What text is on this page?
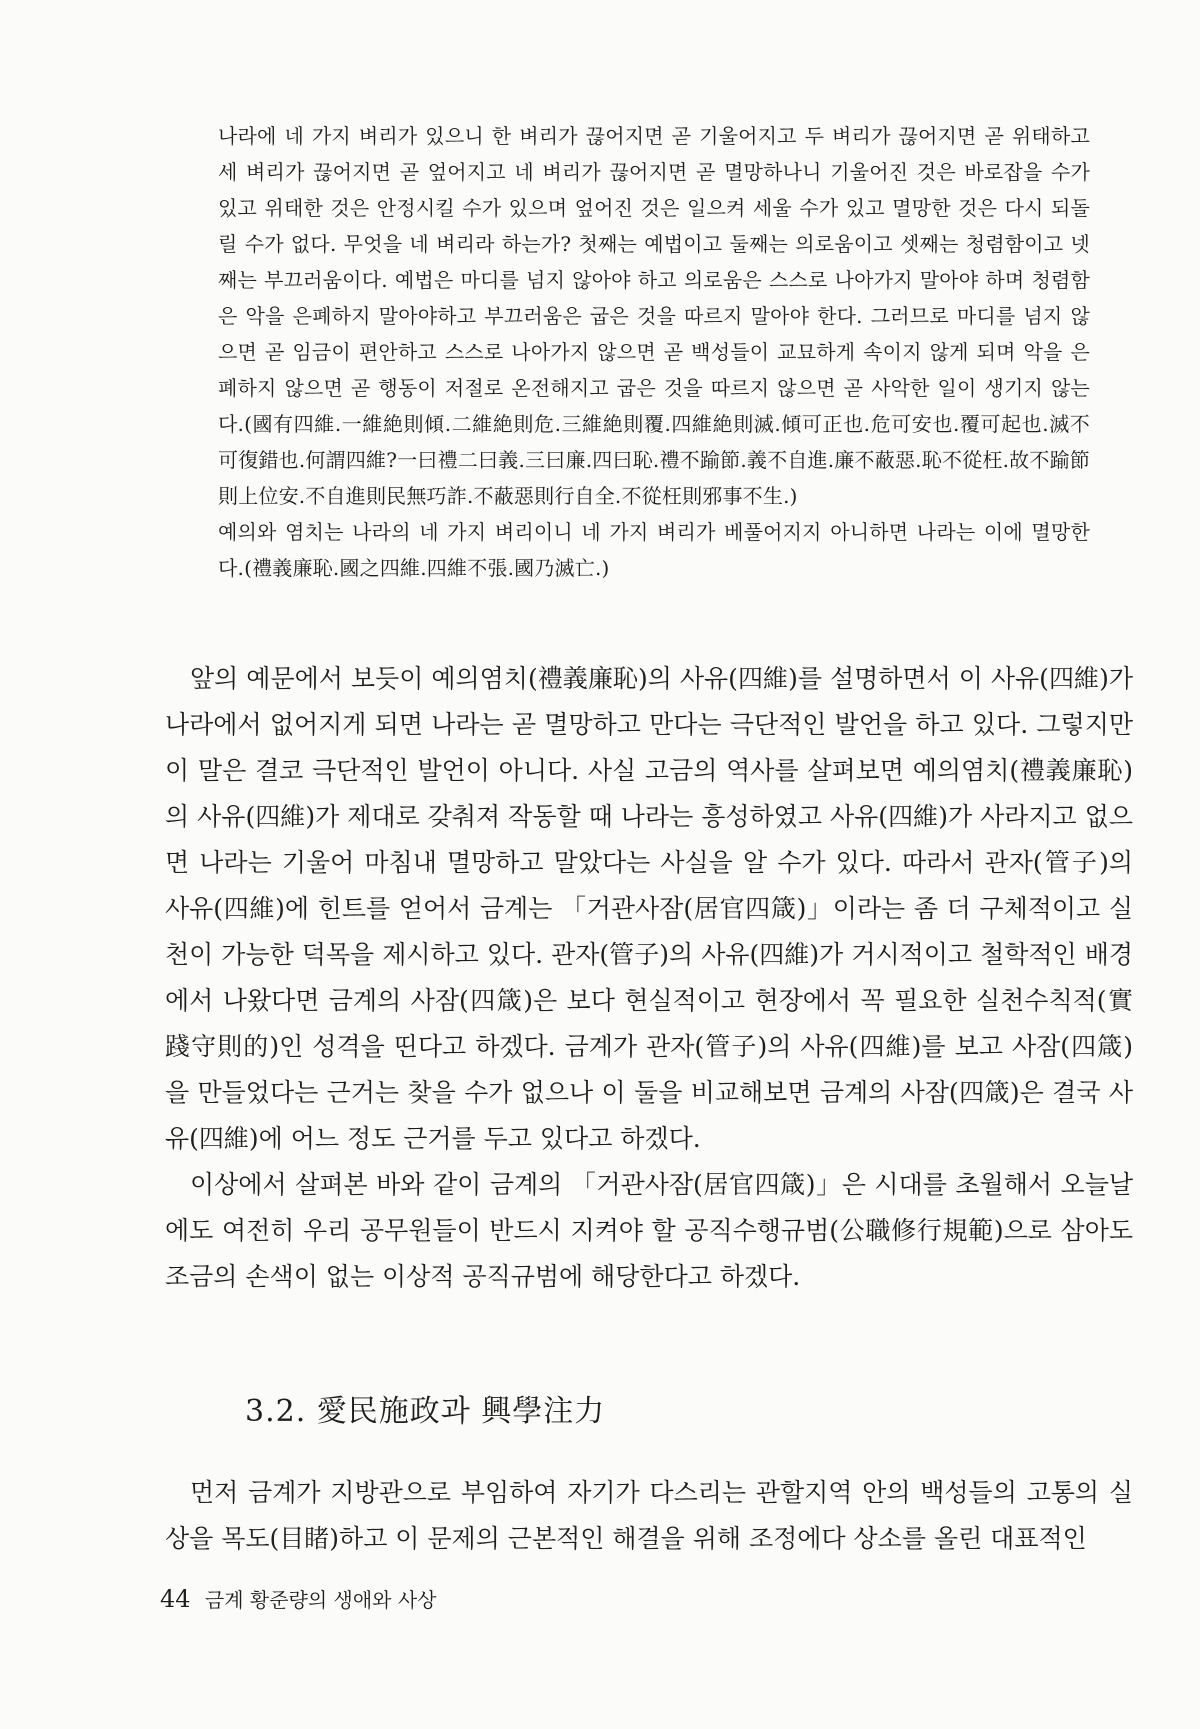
나라에 네 가지 벼리가 있으니 한 벼리가 끊어지면 곧 기울어지고 두 벼리가 끊어지면 곧 위태하고 세 벼리가 끊어지면 곧 엎어지고 네 벼리가 끊어지면 곧 멸망하나니 기울어진 것은 바로잡을 수가 있고 위태한 것은 안정시킬 수가 있으며 엎어진 것은 일으켜 세울 수가 있고 멸망한 것은 다시 되돌릴 수가 없다. 무엇을 네 벼리라 하는가? 첫째는 예법이고 둘째는 의로움이고 셋째는 청렴함이고 넷째는 부끄러움이다. 예법은 마디를 넘지 않아야 하고 의로움은 스스로 나아가지 말아야 하며 청렴함은 악을 은폐하지 말아야하고 부끄러움은 굽은 것을 따르지 말아야 한다. 그러므로 마디를 넘지 않으면 곧 임금이 편안하고 스스로 나아가지 않으면 곧 백성들이 교묘하게 속이지 않게 되며 악을 은폐하지 않으면 곧 행동이 저절로 온전해지고 굽은 것을 따르지 않으면 곧 사악한 일이 생기지 않는다.(國有四維.一維絶則傾.二維絶則危.三維絶則覆.四維絶則滅.傾可正也.危可安也.覆可起也.滅不可復錯也.何謂四維?一曰禮二曰義.三曰廉.四曰恥.禮不踰節.義不自進.廉不蔽惡.恥不從枉.故不踰節則上位安.不自進則民無巧詐.不蔽惡則行自全.不從枉則邪事不生.)

예의와 염치는 나라의 네 가지 벼리이니 네 가지 벼리가 베풀어지지 아니하면 나라는 이에 멸망한다.(禮義廉恥.國之四維.四維不張.國乃滅亡.)

앞의 예문에서 보듯이 예의염치(禮義廉恥)의 사유(四維)를 설명하면서 이 사유(四維)가 나라에서 없어지게 되면 나라는 곧 멸망하고 만다는 극단적인 발언을 하고 있다. 그렇지만 이 말은 결코 극단적인 발언이 아니다. 사실 고금의 역사를 살펴보면 예의염치(禮義廉恥)의 사유(四維)가 제대로 갖춰져 작동할 때 나라는 흥성하였고 사유(四維)가 사라지고 없으면 나라는 기울어 마침내 멸망하고 말았다는 사실을 알 수가 있다. 따라서 관자(管子)의 사유(四維)에 힌트를 얻어서 금계는 「거관사잠(居官四箴)」이라는 좀 더 구체적이고 실천이 가능한 덕목을 제시하고 있다. 관자(管子)의 사유(四維)가 거시적이고 철학적인 배경에서 나왔다면 금계의 사잠(四箴)은 보다 현실적이고 현장에서 꼭 필요한 실천수칙적(實踐守則的)인 성격을 띤다고 하겠다. 금계가 관자(管子)의 사유(四維)를 보고 사잠(四箴)을 만들었다는 근거는 찾을 수가 없으나 이 둘을 비교해보면 금계의 사잠(四箴)은 결국 사유(四維)에 어느 정도 근거를 두고 있다고 하겠다.

이상에서 살펴본 바와 같이 금계의 「거관사잠(居官四箴)」은 시대를 초월해서 오늘날에도 여전히 우리 공무원들이 반드시 지켜야 할 공직수행규범(公職修行規範)으로 삼아도 조금의 손색이 없는 이상적 공직규범에 해당한다고 하겠다.

3.2. 愛民施政과 興學注力

먼저 금계가 지방관으로 부임하여 자기가 다스리는 관할지역 안의 백성들의 고통의 실상을 목도(目睹)하고 이 문제의 근본적인 해결을 위해 조정에다 상소를 올린 대표적인

44 금계 황준량의 생애와 사상
